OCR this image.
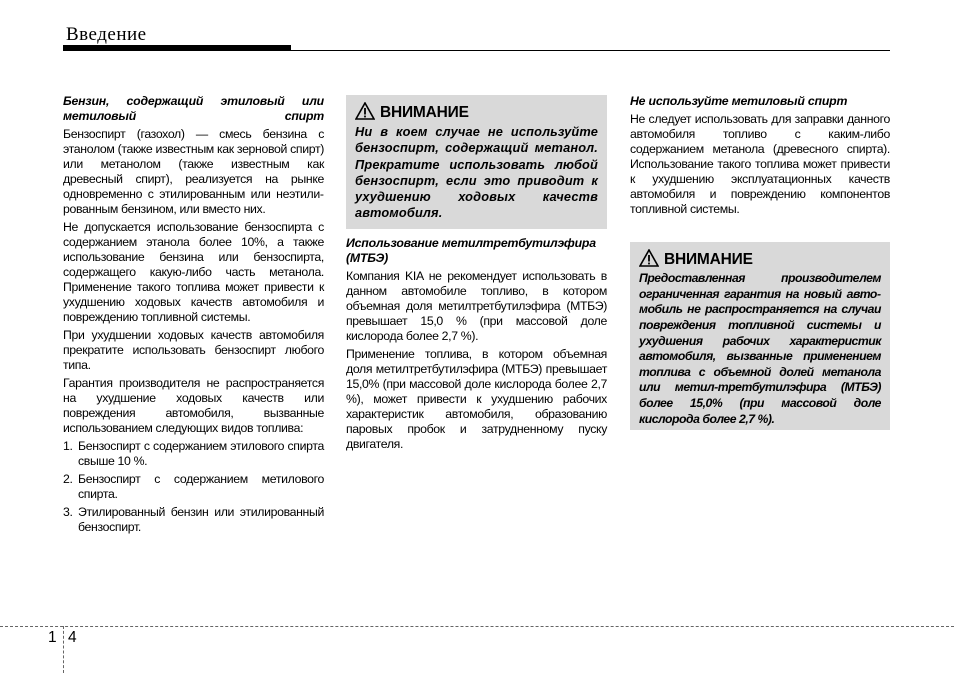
Введение
Бензин, содержащий этиловый или метиловый спирт

Бензоспирт (газохол) — смесь бензина с этанолом (также известным как зерновой спирт) или метанолом (также известным как древесный спирт), реализуется на рынке одновременно с этилированным или неэтилированным бензином, или вместо них.

Не допускается использование бензоспирта с содержанием этанола более 10%, а также использование бензина или бензоспирта, содержащего какую-либо часть метанола. Применение такого топлива может привести к ухудшению ходовых качеств автомобиля и повреждению топливной системы.

При ухудшении ходовых качеств автомобиля прекратите использовать бензоспирт любого типа.

Гарантия производителя не распространяется на ухудшение ходовых качеств или повреждения автомобиля, вызванные использованием следующих видов топлива:

1. Бензоспирт с содержанием этилового спирта свыше 10 %.
2. Бензоспирт с содержанием метилового спирта.
3. Этилированный бензин или этилированный бензоспирт.
ВНИМАНИЕ
Ни в коем случае не используйте бензоспирт, содержащий метанол. Прекратите использовать любой бензоспирт, если это приводит к ухудшению ходовых качеств автомобиля.
Использование метилтретбутилэфира (МТБЭ)

Компания KIA не рекомендует использовать в данном автомобиле топливо, в котором объемная доля метилтретбутилэфира (МТБЭ) превышает 15,0 % (при массовой доле кислорода более 2,7 %).

Применение топлива, в котором объемная доля метилтретбутилэфира (МТБЭ) превышает 15,0% (при массовой доле кислорода более 2,7 %), может привести к ухудшению рабочих характеристик автомобиля, образованию паровых пробок и затрудненному пуску двигателя.

Не используйте метиловый спирт

Не следует использовать для заправки данного автомобиля топливо с каким-либо содержанием метанола (древесного спирта). Использование такого топлива может привести к ухудшению эксплуатационных качеств автомобиля и повреждению компонентов топливной системы.

ВНИМАНИЕ
Предоставленная производителем ограниченная гарантия на новый автомобиль не распространяется на случаи повреждения топливной системы и ухудшения рабочих характеристик автомобиля, вызванные применением топлива с объемной долей метанола или метил-третбутилэфира (МТБЭ) более 15,0% (при массовой доле кислорода более 2,7 %).
1 4
